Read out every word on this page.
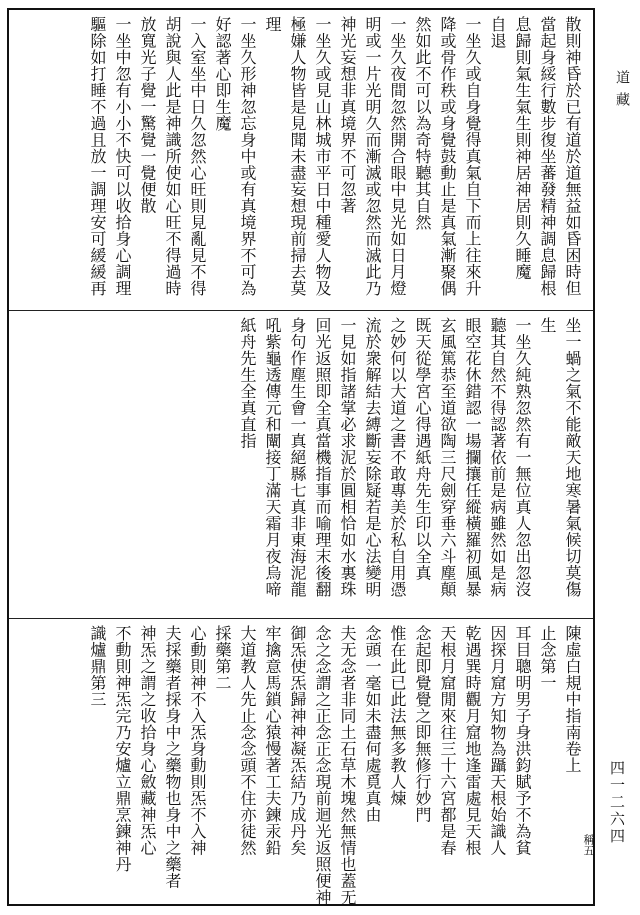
散則神昏於已有道於道無益如昏困時但
當起身綏行數步復坐蕃發精神調息歸根
息歸則氣生氣生則神居神居則久睡魔
自退
一坐久或自身覺得真氣自下而上往來升
降或骨作秩或身覺鼓動止是真氣漸聚偶
然如此不可以為奇特聽其自然
一坐久夜間忽然開合眼中見光如日月燈
明或一片光明久而漸滅或忽然而滅此乃
神光妄想非真境界不可忽著
一坐久或見山林城市平日中種愛人物及
極嫌人物皆是見聞未盡妄想現前掃去莫
理
一坐久形神忽忘身中或有真境界不可為
好認著心即生魔
一入室坐中日久忽然心旺則見亂見不得
胡說與人此是神識所使如心旺不得過時
放寬光子覺一驚覺一覺便散
一坐中忽有小小不快可以收拾身心調理
驅除如打睡不過且放一調理安可緩緩再
坐一蝸之氣不能敵天地寒暑氣候切莫傷
生
一坐久純熟忽然有一無位真人忽出忽沒
聽其自然不得認著依前是病雖然如是病
眼空花休錯認一場攔攘任縱橫羅初風暴
玄風篤恭至道欲陶三尺劍穿垂六斗塵顛
既天從學宮心得遇紙舟先生印以全真
之妙何以大道之書不敢專美於私自用憑
流於衆解結去縛斷妄除疑若是心法變明
一見如指諸掌必求泥於圓相恰如水裏珠
回光返照即全真當機指事而喻理末後翻
身句作塵生會一真絕縣七真非東海泥龍
吼紫龜透傳元和闡接丁滿天霜月夜烏啼
紙舟先生全真直指
陳虛白規中指南卷上
止念第一
耳目聰明男子身洪鈞賦予不為貧
因探月窟方知物為躡天根始識人
乾遇巽時觀月窟地逢雷處見天根
天根月窟閒來往三十六宮都是春
念起即覺覺之即無修行妙門
惟在此已此法無多教人煉
念頭一毫如未盡何處覓真由
夫无念者非同土石草木塊然無情也蓋无
念之念謂之正念正念現前迴光返照便神
御炁使炁歸神神凝炁結乃成丹矣
牢擒意馬鎖心猿慢著工夫鍊汞鉛
大道教人先止念念頭不住亦徒然
採藥第二
心動則神不入炁身動則炁不入神
夫採藥者採身中之藥物也身中之藥者
神炁之謂之收拾身心斂藏神炁心
不動則神炁完乃安爐立鼎烹鍊神丹
識爐鼎第三
稱五
道藏
四一二六四
